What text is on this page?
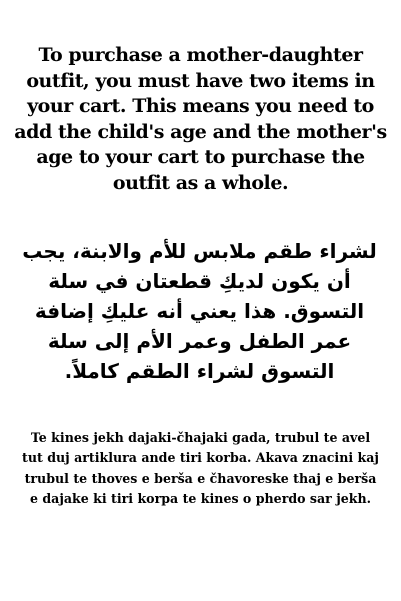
To purchase a mother-daughter outfit, you must have two items in your cart. This means you need to add the child's age and the mother's age to your cart to purchase the outfit as a whole.

لشراء طقم ملابس للأم والابنة، يجب أن يكون لديكِ قطعتان في سلة التسوق. هذا يعني أنه عليكِ إضافة عمر الطفل وعمر الأم إلى سلة التسوق لشراء الطقم كاملاً.

Te kines jekh dajaki-čhajaki gada, trubul te avel tut duj artiklura ande tiri korba. Akava znacini kaj trubul te thoves e berša e čhavoreske thaj e berša e dajake ki tiri korpa te kines o pherdo sar jekh.
